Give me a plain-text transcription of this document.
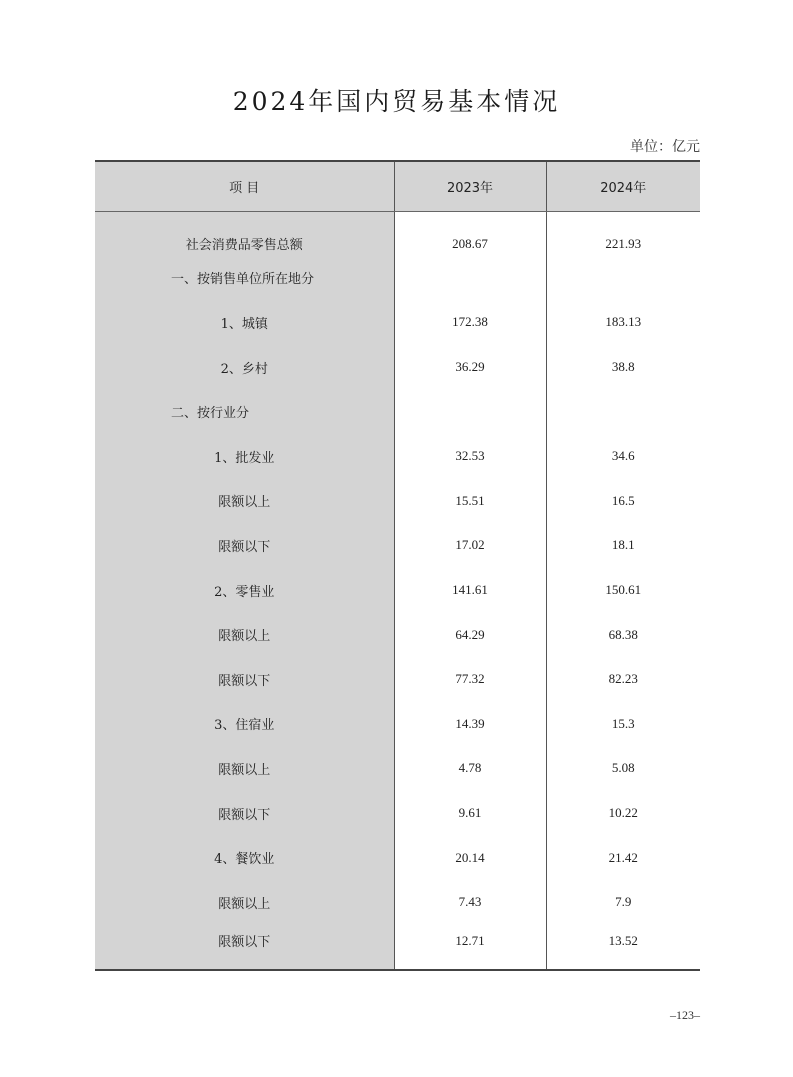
2024年国内贸易基本情况
单位：亿元
项 目	2023年	2024年
社会消费品零售总额	208.67	221.93
一、按销售单位所在地分		
1、城镇	172.38	183.13
2、乡村	36.29	38.8
二、按行业分		
1、批发业	32.53	34.6
限额以上	15.51	16.5
限额以下	17.02	18.1
2、零售业	141.61	150.61
限额以上	64.29	68.38
限额以下	77.32	82.23
3、住宿业	14.39	15.3
限额以上	4.78	5.08
限额以下	9.61	10.22
4、餐饮业	20.14	21.42
限额以上	7.43	7.9
限额以下	12.71	13.52
–123–
